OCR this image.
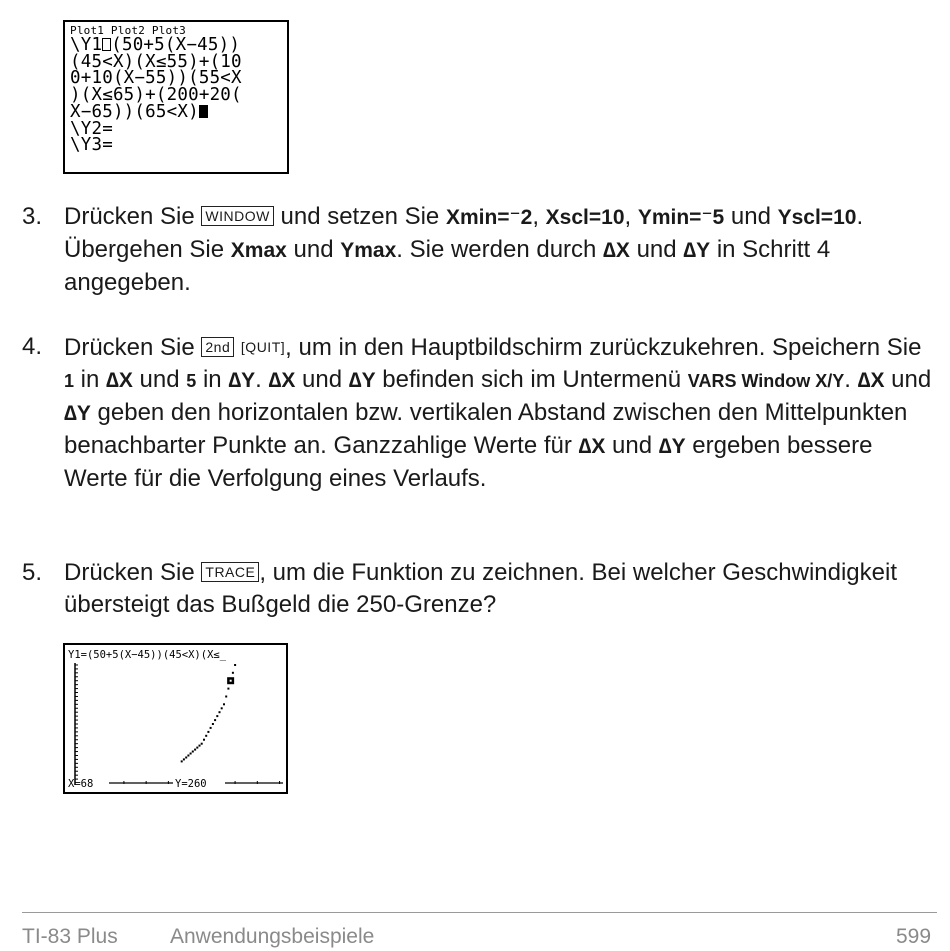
Plot1 Plot2 Plot3
\Y1 (50+5(X−45))
(45<X)(X≤55)+(10
0+10(X−55))(55<X
)(X≤65)+(200+20(
X−65))(65<X)
\Y2=
\Y3=
3. Drücken Sie WINDOW und setzen Sie Xmin=⁻2, Xscl=10, Ymin=⁻5 und Yscl=10. Übergehen Sie Xmax und Ymax. Sie werden durch ∆X und ∆Y in Schritt 4 angegeben.
4. Drücken Sie 2nd [QUIT], um in den Hauptbildschirm zurückzukehren. Speichern Sie 1 in ∆X und 5 in ∆Y. ∆X und ∆Y befinden sich im Untermenü VARS Window X/Y. ∆X und ∆Y geben den horizontalen bzw. vertikalen Abstand zwischen den Mittelpunkten benachbarter Punkte an. Ganzzahlige Werte für ∆X und ∆Y ergeben bessere Werte für die Verfolgung eines Verlaufs.
5. Drücken Sie TRACE , um die Funktion zu zeichnen. Bei welcher Geschwindigkeit übersteigt das Bußgeld die 250-Grenze?
Y1=(50+5(X−45))(45<X)(X≤_
X=68	Y=260
TI-83 Plus Anwendungsbeispiele	599
